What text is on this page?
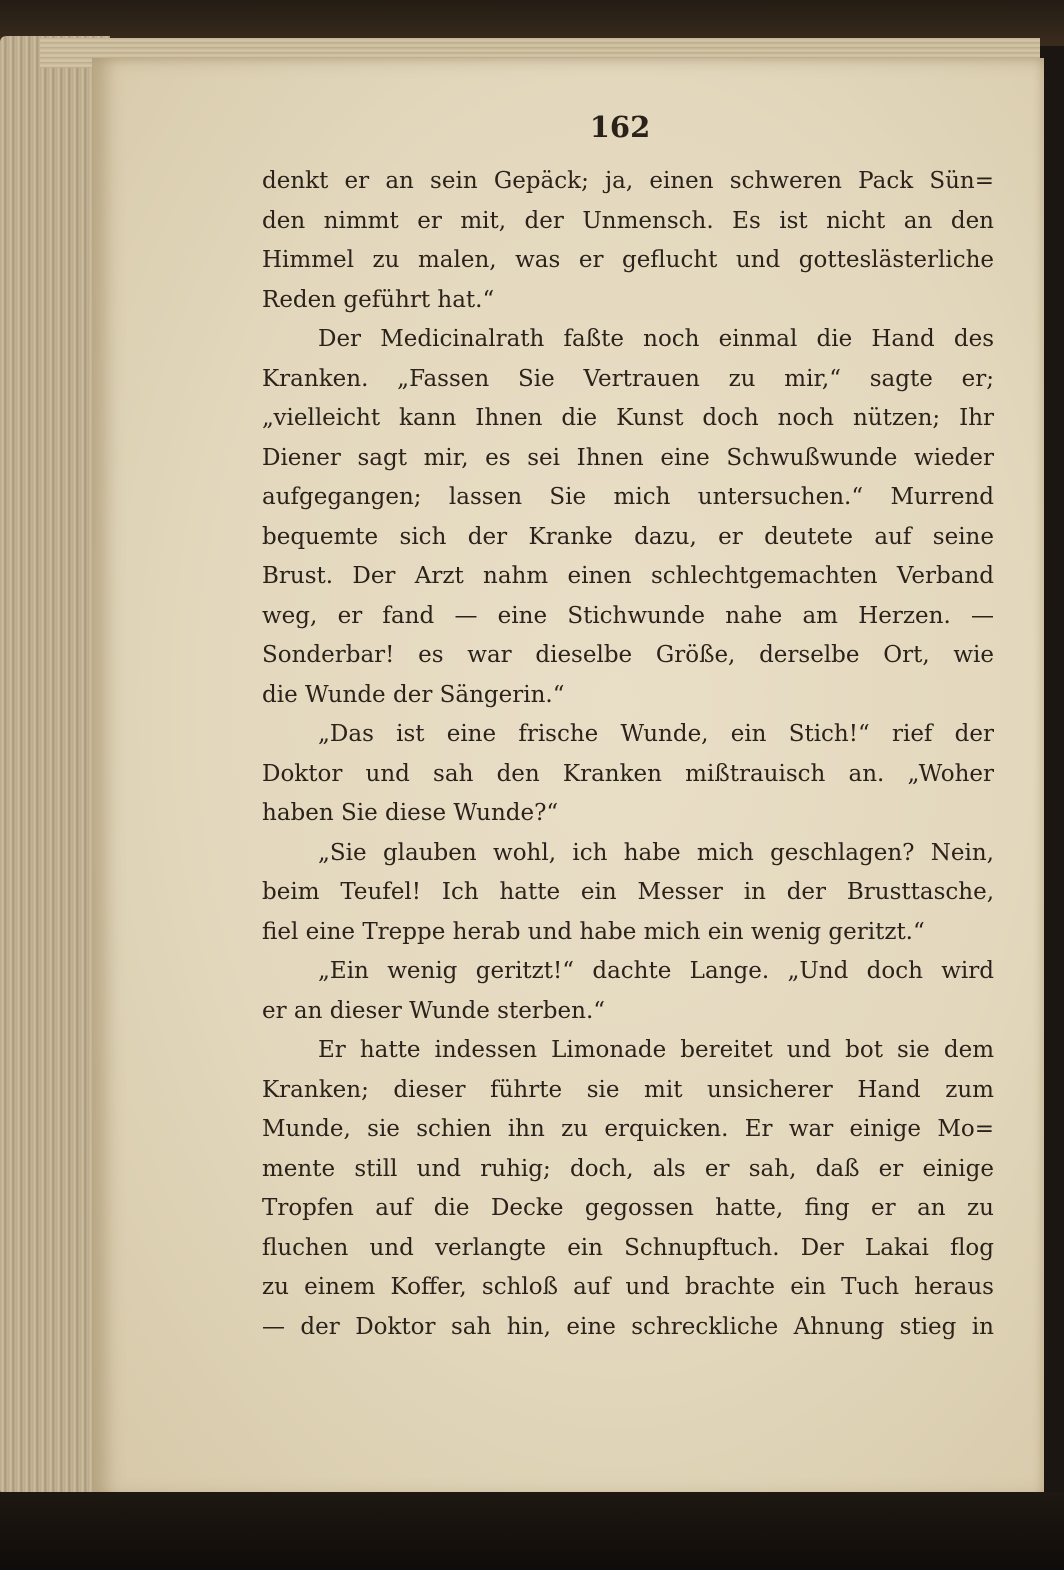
162
denkt er an sein Gepäck; ja, einen schweren Pack Sün=
den nimmt er mit, der Unmensch. Es ist nicht an den
Himmel zu malen, was er geflucht und gotteslästerliche
Reden geführt hat.“
Der Medicinalrath faßte noch einmal die Hand des
Kranken. „Fassen Sie Vertrauen zu mir,“ sagte er;
„vielleicht kann Ihnen die Kunst doch noch nützen; Ihr
Diener sagt mir, es sei Ihnen eine Schwußwunde wieder
aufgegangen; lassen Sie mich untersuchen.“ Murrend
bequemte sich der Kranke dazu, er deutete auf seine
Brust. Der Arzt nahm einen schlechtgemachten Verband
weg, er fand — eine Stichwunde nahe am Herzen. —
Sonderbar! es war dieselbe Größe, derselbe Ort, wie
die Wunde der Sängerin.“
„Das ist eine frische Wunde, ein Stich!“ rief der
Doktor und sah den Kranken mißtrauisch an. „Woher
haben Sie diese Wunde?“
„Sie glauben wohl, ich habe mich geschlagen? Nein,
beim Teufel! Ich hatte ein Messer in der Brusttasche,
fiel eine Treppe herab und habe mich ein wenig geritzt.“
„Ein wenig geritzt!“ dachte Lange. „Und doch wird
er an dieser Wunde sterben.“
Er hatte indessen Limonade bereitet und bot sie dem
Kranken; dieser führte sie mit unsicherer Hand zum
Munde, sie schien ihn zu erquicken. Er war einige Mo=
mente still und ruhig; doch, als er sah, daß er einige
Tropfen auf die Decke gegossen hatte, fing er an zu
fluchen und verlangte ein Schnupftuch. Der Lakai flog
zu einem Koffer, schloß auf und brachte ein Tuch heraus
— der Doktor sah hin, eine schreckliche Ahnung stieg in
